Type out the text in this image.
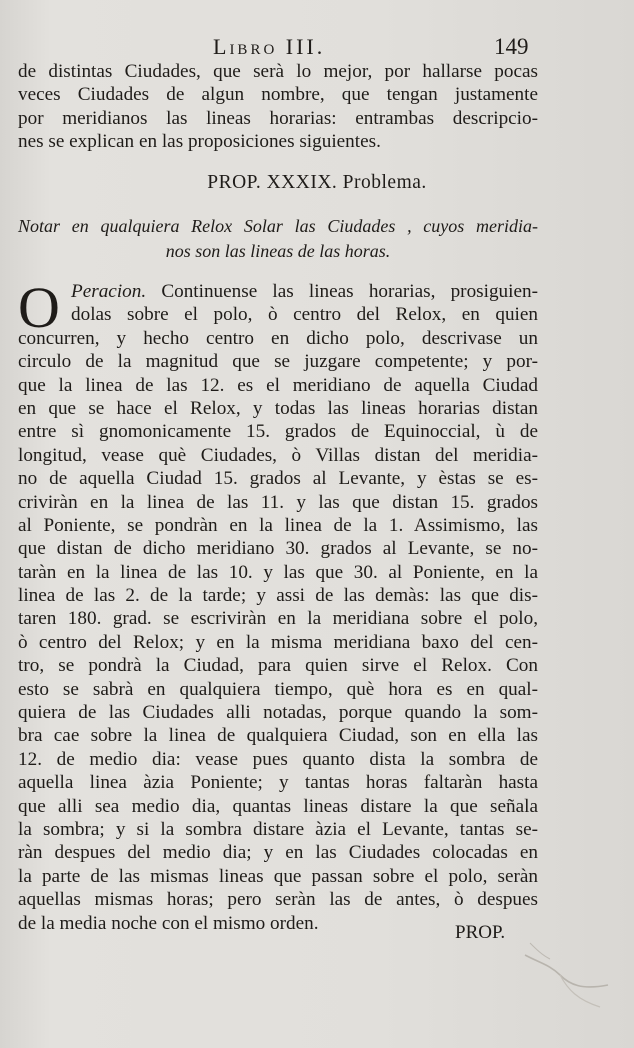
Libro III.	149
de distintas Ciudades, que serà lo mejor, por hallarse pocas
veces Ciudades de algun nombre, que tengan justamente
por meridianos las lineas horarias: entrambas descripcio-
nes se explican en las proposiciones siguientes.
PROP. XXXIX. Problema.
Notar en qualquiera Relox Solar las Ciudades , cuyos meridia-
nos son las lineas de las horas.
O Peracion. Continuense las lineas horarias, prosiguien-
dolas sobre el polo, ò centro del Relox, en quien
concurren, y hecho centro en dicho polo, descrivase un
circulo de la magnitud que se juzgare competente; y por-
que la linea de las 12. es el meridiano de aquella Ciudad
en que se hace el Relox, y todas las lineas horarias distan
entre sì gnomonicamente 15. grados de Equinoccial, ù de
longitud, vease què Ciudades, ò Villas distan del meridia-
no de aquella Ciudad 15. grados al Levante, y èstas se es-
criviràn en la linea de las 11. y las que distan 15. grados
al Poniente, se pondràn en la linea de la 1. Assimismo, las
que distan de dicho meridiano 30. grados al Levante, se no-
taràn en la linea de las 10. y las que 30. al Poniente, en la
linea de las 2. de la tarde; y assi de las demàs: las que dis-
taren 180. grad. se escriviràn en la meridiana sobre el polo,
ò centro del Relox; y en la misma meridiana baxo del cen-
tro, se pondrà la Ciudad, para quien sirve el Relox. Con
esto se sabrà en qualquiera tiempo, què hora es en qual-
quiera de las Ciudades alli notadas, porque quando la som-
bra cae sobre la linea de qualquiera Ciudad, son en ella las
12. de medio dia: vease pues quanto dista la sombra de
aquella linea àzia Poniente; y tantas horas faltaràn hasta
que alli sea medio dia, quantas lineas distare la que señala
la sombra; y si la sombra distare àzia el Levante, tantas se-
ràn despues del medio dia; y en las Ciudades colocadas en
la parte de las mismas lineas que passan sobre el polo, seràn
aquellas mismas horas; pero seràn las de antes, ò despues
de la media noche con el mismo orden.	PROP.
